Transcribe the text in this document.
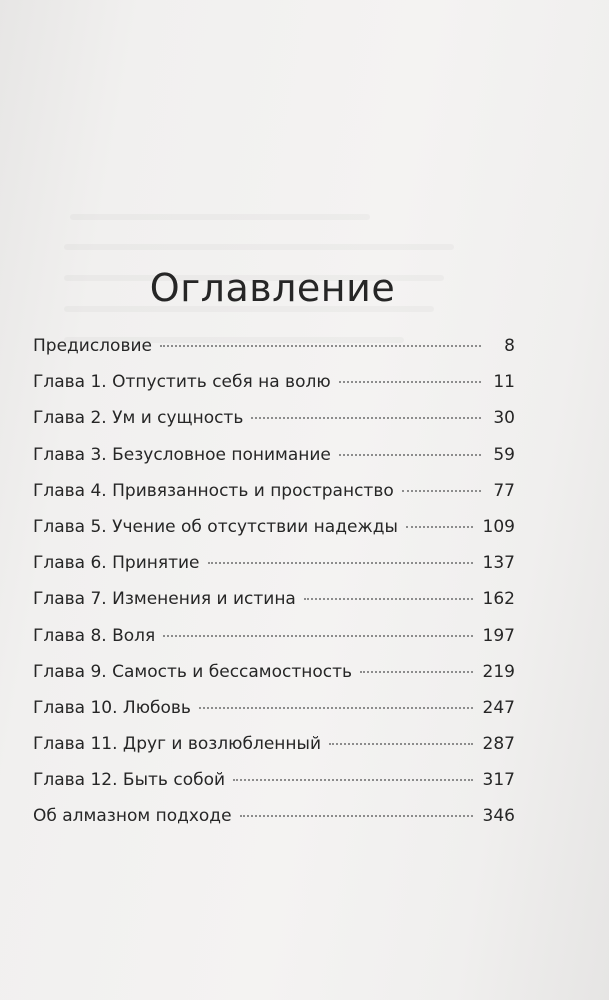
Оглавление
Предисловие	8
Глава 1. Отпустить себя на волю	11
Глава 2. Ум и сущность	30
Глава 3. Безусловное понимание	59
Глава 4. Привязанность и пространство	77
Глава 5. Учение об отсутствии надежды	109
Глава 6. Принятие	137
Глава 7. Изменения и истина	162
Глава 8. Воля	197
Глава 9. Самость и бессамостность	219
Глава 10. Любовь	247
Глава 11. Друг и возлюбленный	287
Глава 12. Быть собой	317
Об алмазном подходе	346
